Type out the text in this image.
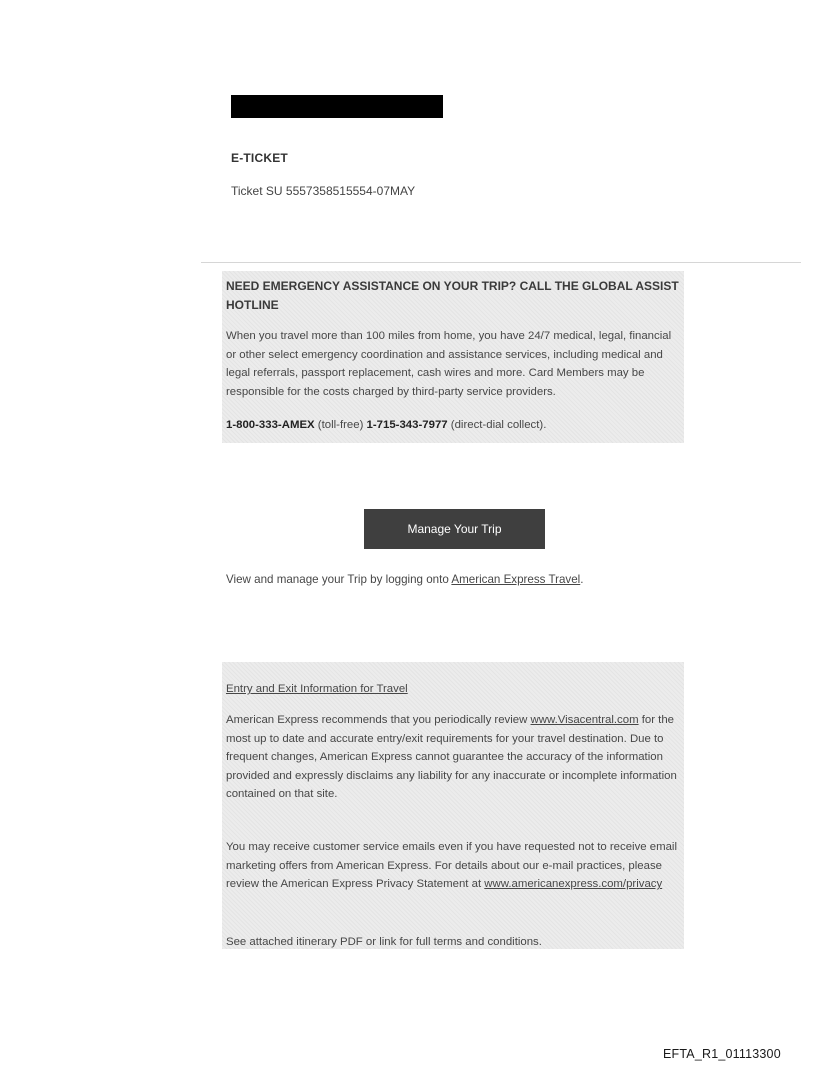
E-TICKET
Ticket SU 5557358515554-07MAY

NEED EMERGENCY ASSISTANCE ON YOUR TRIP? CALL THE GLOBAL ASSIST HOTLINE

When you travel more than 100 miles from home, you have 24/7 medical, legal, financial or other select emergency coordination and assistance services, including medical and legal referrals, passport replacement, cash wires and more. Card Members may be responsible for the costs charged by third-party service providers.

1-800-333-AMEX (toll-free) 1-715-343-7977 (direct-dial collect).

Manage Your Trip

View and manage your Trip by logging onto American Express Travel.

Entry and Exit Information for Travel

American Express recommends that you periodically review www.Visacentral.com for the most up to date and accurate entry/exit requirements for your travel destination. Due to frequent changes, American Express cannot guarantee the accuracy of the information provided and expressly disclaims any liability for any inaccurate or incomplete information contained on that site.

You may receive customer service emails even if you have requested not to receive email marketing offers from American Express. For details about our e-mail practices, please review the American Express Privacy Statement at www.americanexpress.com/privacy

See attached itinerary PDF or link for full terms and conditions.

EFTA_R1_01113300
